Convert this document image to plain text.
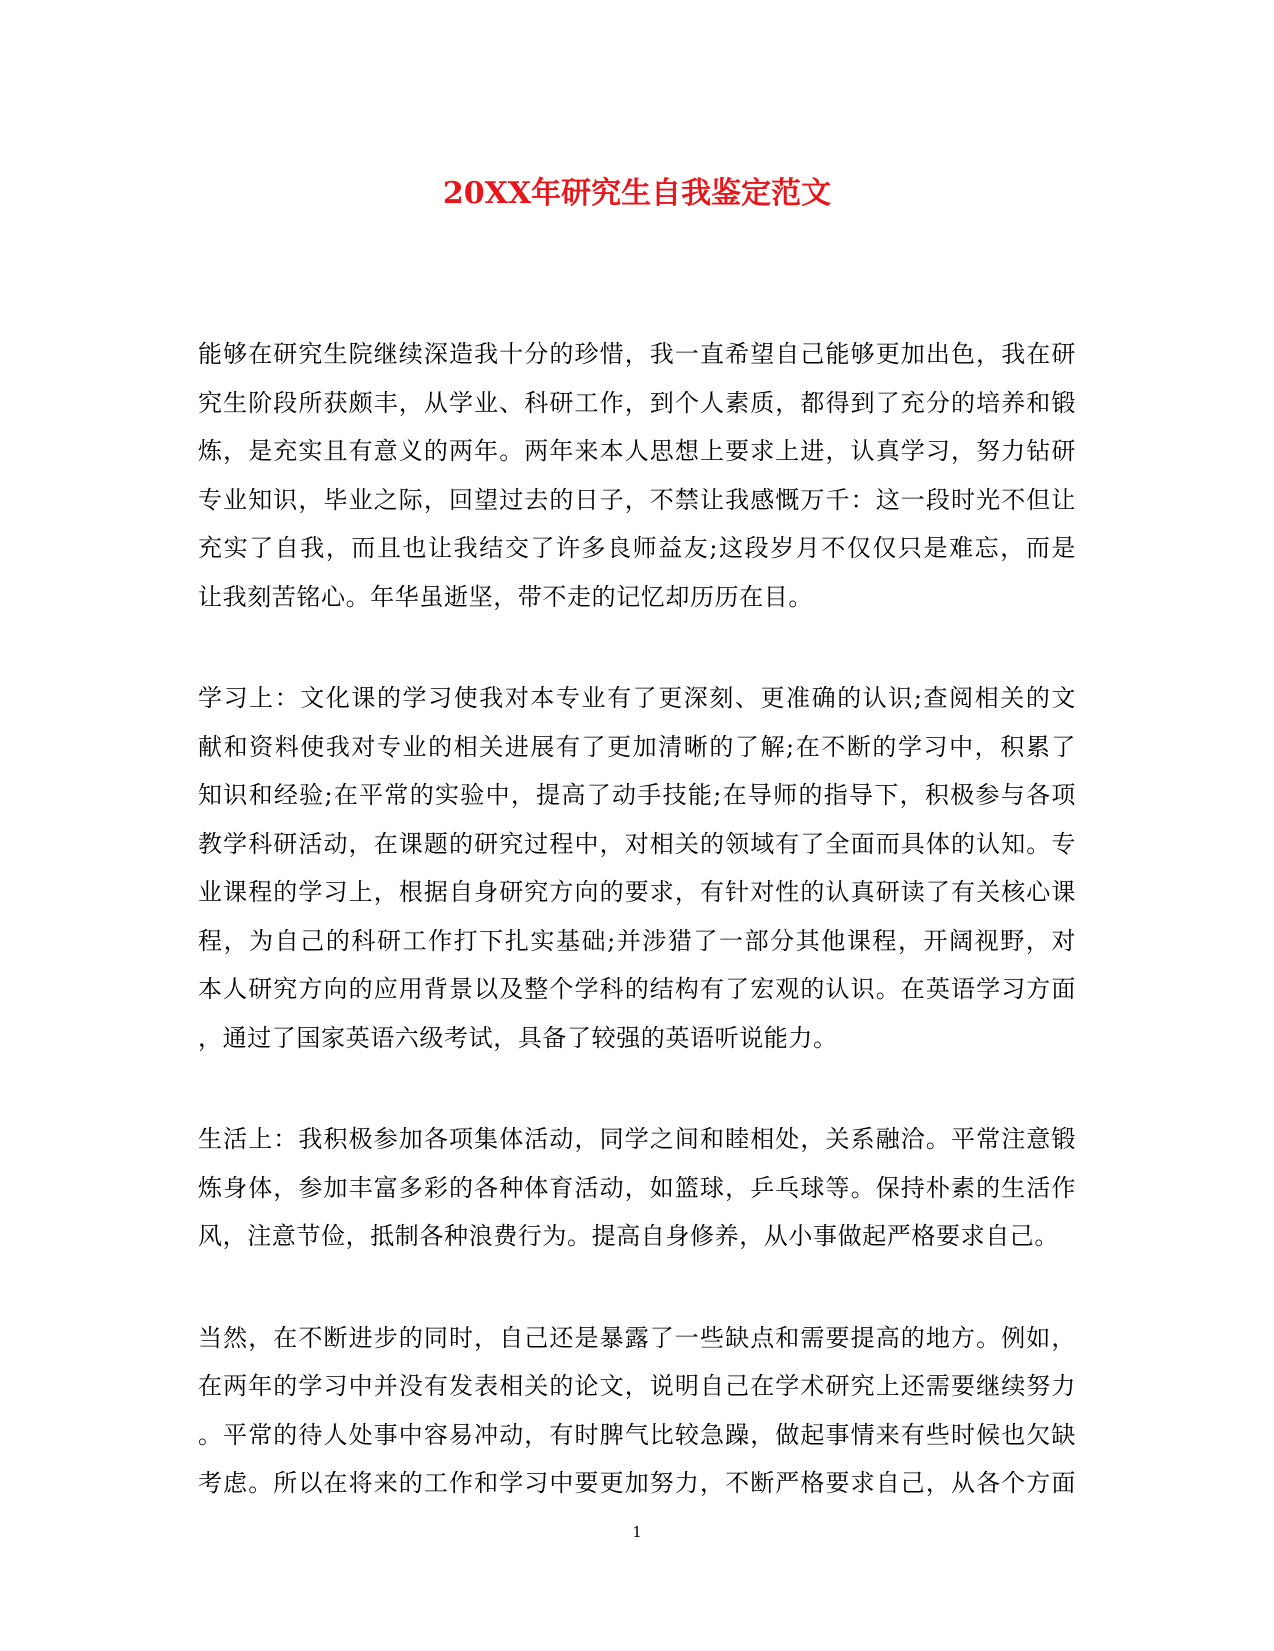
20XX年研究生自我鉴定范文

能够在研究生院继续深造我十分的珍惜，我一直希望自己能够更加出色，我在研
究生阶段所获颇丰，从学业、科研工作，到个人素质，都得到了充分的培养和锻
炼，是充实且有意义的两年。两年来本人思想上要求上进，认真学习，努力钻研
专业知识，毕业之际，回望过去的日子，不禁让我感慨万千：这一段时光不但让
充实了自我，而且也让我结交了许多良师益友;这段岁月不仅仅只是难忘，而是
让我刻苦铭心。年华虽逝坚，带不走的记忆却历历在目。

学习上：文化课的学习使我对本专业有了更深刻、更准确的认识;查阅相关的文
献和资料使我对专业的相关进展有了更加清晰的了解;在不断的学习中，积累了
知识和经验;在平常的实验中，提高了动手技能;在导师的指导下，积极参与各项
教学科研活动，在课题的研究过程中，对相关的领域有了全面而具体的认知。专
业课程的学习上，根据自身研究方向的要求，有针对性的认真研读了有关核心课
程，为自己的科研工作打下扎实基础;并涉猎了一部分其他课程，开阔视野，对
本人研究方向的应用背景以及整个学科的结构有了宏观的认识。在英语学习方面
，通过了国家英语六级考试，具备了较强的英语听说能力。

生活上：我积极参加各项集体活动，同学之间和睦相处，关系融洽。平常注意锻
炼身体，参加丰富多彩的各种体育活动，如篮球，乒乓球等。保持朴素的生活作
风，注意节俭，抵制各种浪费行为。提高自身修养，从小事做起严格要求自己。

当然，在不断进步的同时，自己还是暴露了一些缺点和需要提高的地方。例如，
在两年的学习中并没有发表相关的论文，说明自己在学术研究上还需要继续努力
。平常的待人处事中容易冲动，有时脾气比较急躁，做起事情来有些时候也欠缺
考虑。所以在将来的工作和学习中要更加努力，不断严格要求自己，从各个方面

1
